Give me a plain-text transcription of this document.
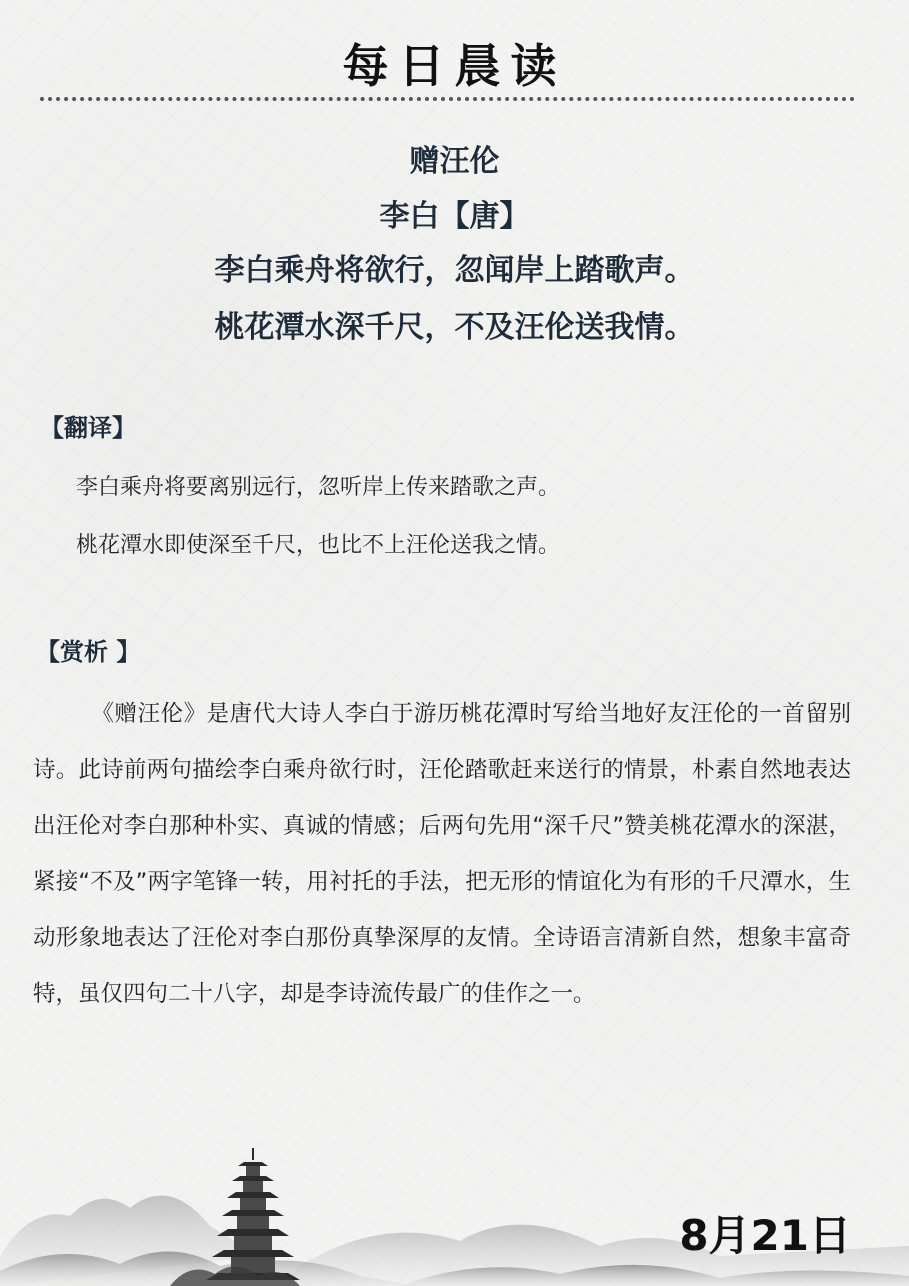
每日晨读
赠汪伦
李白【唐】
李白乘舟将欲行，忽闻岸上踏歌声。
桃花潭水深千尺，不及汪伦送我情。
【翻译】
李白乘舟将要离别远行，忽听岸上传来踏歌之声。
桃花潭水即使深至千尺，也比不上汪伦送我之情。
【赏析 】
《赠汪伦》是唐代大诗人李白于游历桃花潭时写给当地好友汪伦的一首留别诗。此诗前两句描绘李白乘舟欲行时，汪伦踏歌赶来送行的情景，朴素自然地表达出汪伦对李白那种朴实、真诚的情感；后两句先用“深千尺”赞美桃花潭水的深湛，紧接“不及”两字笔锋一转，用衬托的手法，把无形的情谊化为有形的千尺潭水，生动形象地表达了汪伦对李白那份真挚深厚的友情。全诗语言清新自然，想象丰富奇特，虽仅四句二十八字，却是李诗流传最广的佳作之一。
8月21日
